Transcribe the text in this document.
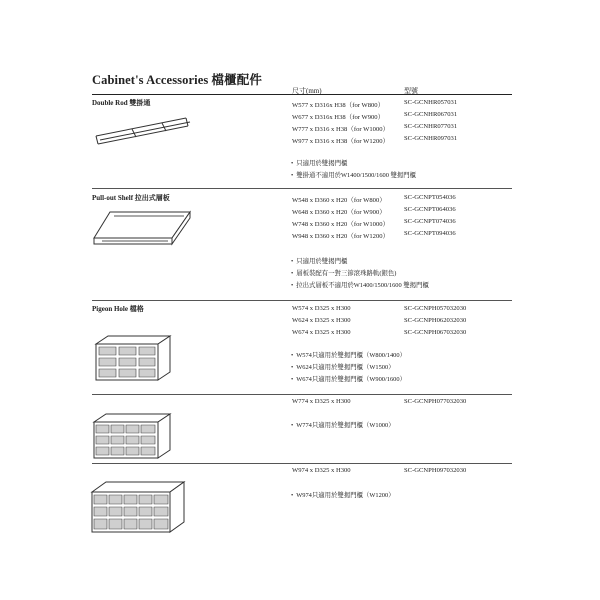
Cabinet's Accessories 檔櫃配件
尺寸(mm)	型號
Double Rod 雙掛通	W577 x D316x H38（for W800）	SC-GCNHR057031
W677 x D316x H38（for W900）	SC-GCNHR067031
W777 x D316 x H38（for W1000） SC-GCNHR077031
W977 x D316 x H38（for W1200） SC-GCNHR097031
• 只適用於雙揭門櫃
• 雙掛通不適用於W1400/1500/1600 雙揭門櫃
Pull-out Shelf 拉出式層板	W548 x D360 x H20（for W800）	SC-GCNPT054036
W648 x D360 x H20（for W900）	SC-GCNPT064036
W748 x D360 x H20（for W1000） SC-GCNPT074036
W948 x D360 x H20（for W1200） SC-GCNPT094036
• 只適用於雙揭門櫃
• 層板裝配有一對三節滾珠路軌(銀色)
• 拉出式層板不適用於W1400/1500/1600 雙揭門櫃
Pigeon Hole 檔格	W574 x D325 x H300	SC-GCNPH057032030
W624 x D325 x H300	SC-GCNPH062032030
W674 x D325 x H300	SC-GCNPH067032030
• W574只適用於雙揭門櫃（W800/1400）
• W624只適用於雙揭門櫃（W1500）
• W674只適用於雙揭門櫃（W900/1600）
W774 x D325 x H300	SC-GCNPH077032030
• W774只適用於雙揭門櫃（W1000）
W974 x D325 x H300	SC-GCNPH097032030
• W974只適用於雙揭門櫃（W1200）
